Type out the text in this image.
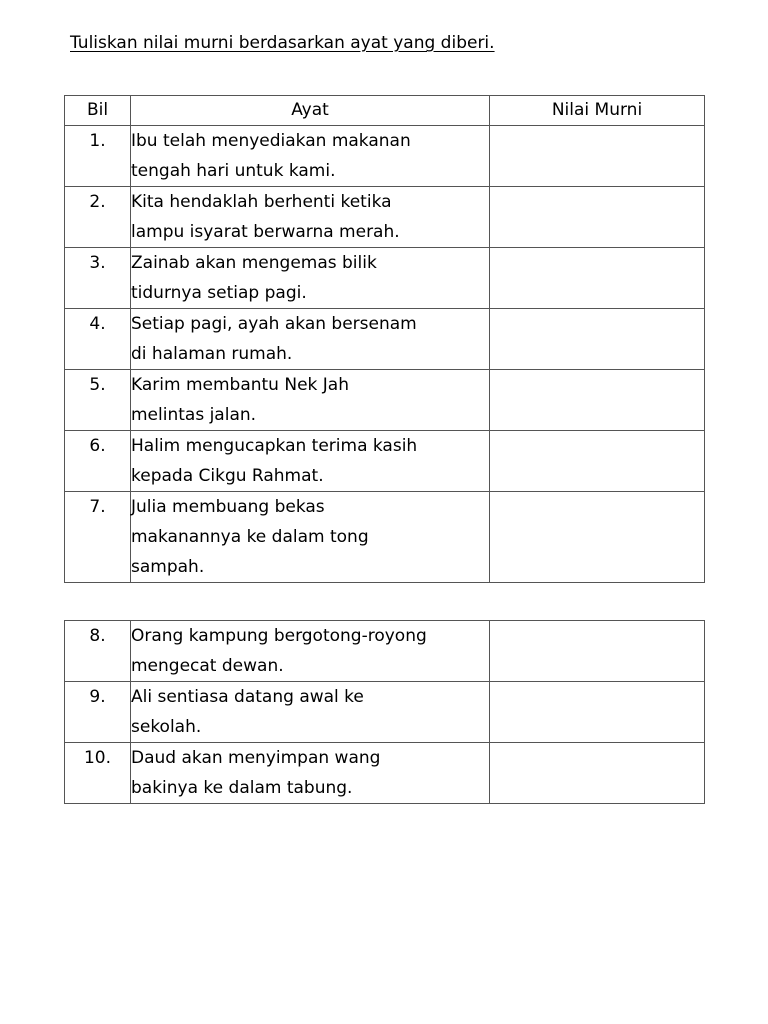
Tuliskan nilai murni berdasarkan ayat yang diberi.
Bil	Ayat	Nilai Murni
1.	Ibu telah menyediakan makanan
tengah hari untuk kami.	

2.	Kita hendaklah berhenti ketika
lampu isyarat berwarna merah.	

3.	Zainab akan mengemas bilik
tidurnya setiap pagi.	

4.	Setiap pagi, ayah akan bersenam
di halaman rumah.	

5.	Karim membantu Nek Jah
melintas jalan.	

6.	Halim mengucapkan terima kasih
kepada Cikgu Rahmat.	

7.	Julia membuang bekas
makanannya ke dalam tong
sampah.	

8.	Orang kampung bergotong-royong
mengecat dewan.	

9.	Ali sentiasa datang awal ke
sekolah.	

10.	Daud akan menyimpan wang
bakinya ke dalam tabung.	
